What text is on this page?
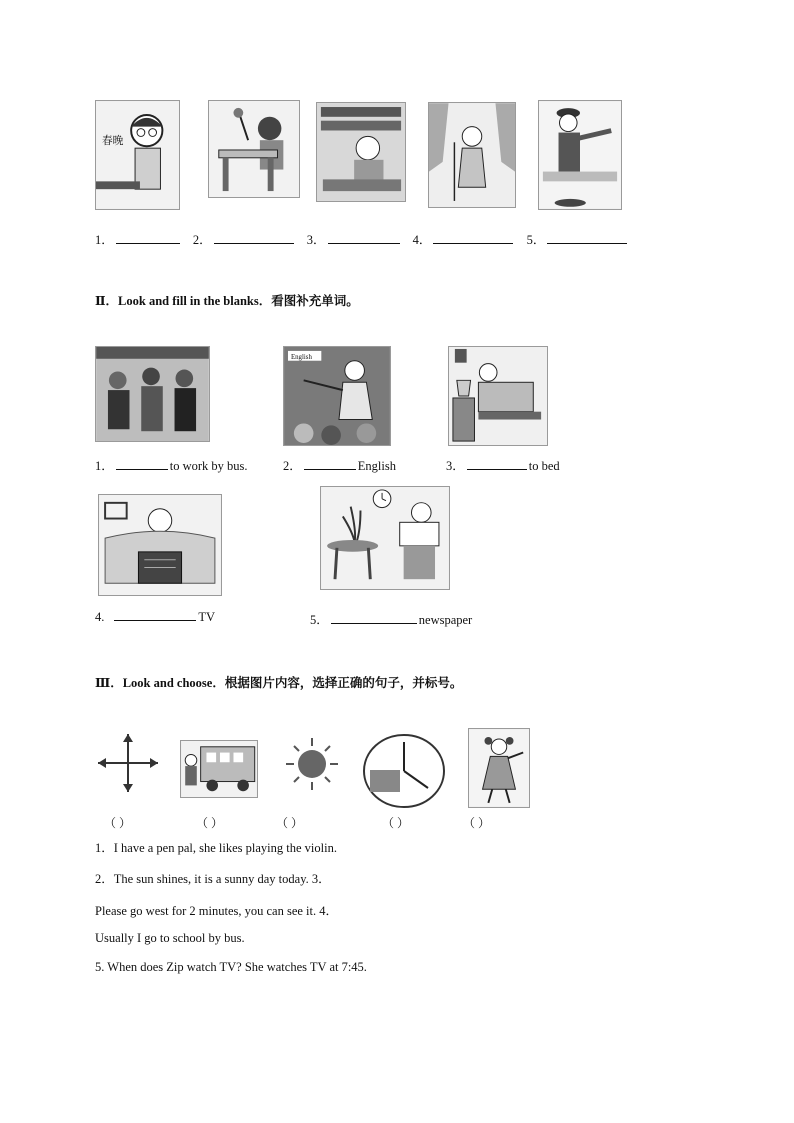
春晚
1．	2．	3．	4．	5．
Ⅱ．Look and fill in the blanks．看图补充单词。
English
1．	to work by bus.	2．	English	3．	to bed
4.	TV	5．	newspaper
Ⅲ．Look and choose．根据图片内容，选择正确的句子，并标号。
（ ）	（ ）	（ ）	（ ）	（ ）
1．I have a pen pal, she likes playing the violin.
2．The sun shines, it is a sunny day today. 3．
Please go west for 2 minutes, you can see it. 4．
Usually I go to school by bus.
5. When does Zip watch TV? She watches TV at 7:45.
